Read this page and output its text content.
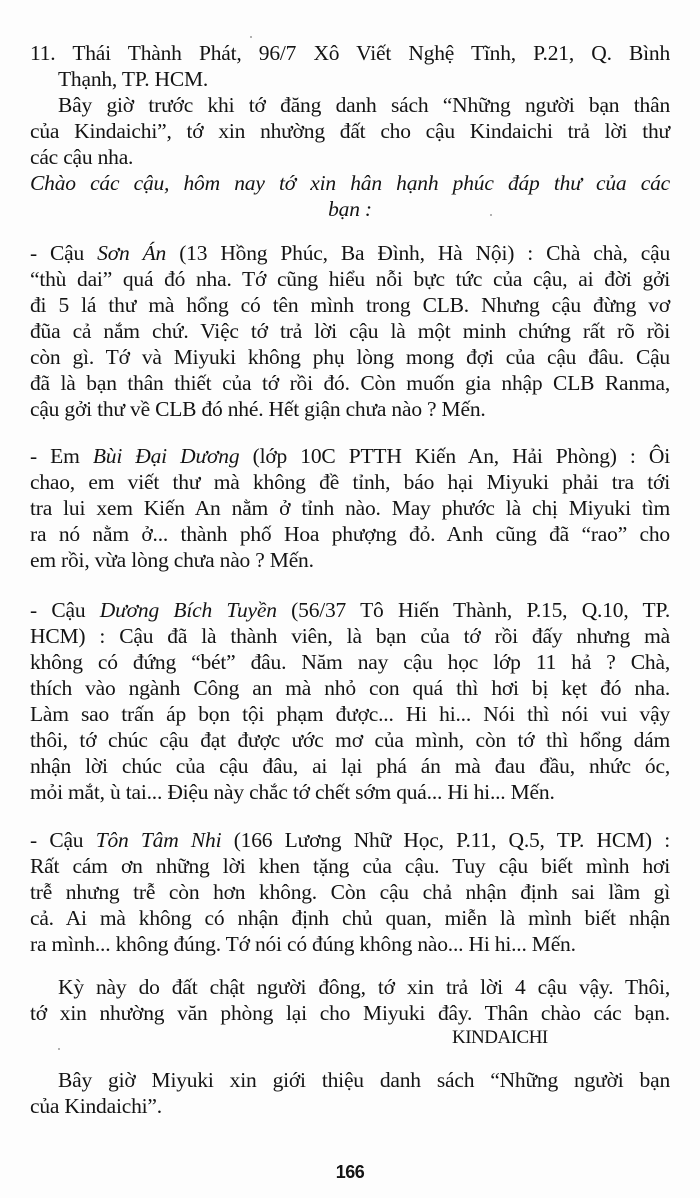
11. Thái Thành Phát, 96/7 Xô Viết Nghệ Tĩnh, P.21, Q. Bình
Thạnh, TP. HCM.
Bây giờ trước khi tớ đăng danh sách “Những người bạn thân
của Kindaichi”, tớ xin nhường đất cho cậu Kindaichi trả lời thư
các cậu nha.
Chào các cậu, hôm nay tớ xin hân hạnh phúc đáp thư của các
bạn :
- Cậu Sơn Án (13 Hồng Phúc, Ba Đình, Hà Nội) : Chà chà, cậu
“thù dai” quá đó nha. Tớ cũng hiểu nỗi bực tức của cậu, ai đời gởi
đi 5 lá thư mà hổng có tên mình trong CLB. Nhưng cậu đừng vơ
đũa cả nắm chứ. Việc tớ trả lời cậu là một minh chứng rất rõ rồi
còn gì. Tớ và Miyuki không phụ lòng mong đợi của cậu đâu. Cậu
đã là bạn thân thiết của tớ rồi đó. Còn muốn gia nhập CLB Ranma,
cậu gởi thư về CLB đó nhé. Hết giận chưa nào ? Mến.
- Em Bùi Đại Dương (lớp 10C PTTH Kiến An, Hải Phòng) : Ôi
chao, em viết thư mà không đề tỉnh, báo hại Miyuki phải tra tới
tra lui xem Kiến An nằm ở tỉnh nào. May phước là chị Miyuki tìm
ra nó nằm ở... thành phố Hoa phượng đỏ. Anh cũng đã “rao” cho
em rồi, vừa lòng chưa nào ? Mến.
- Cậu Dương Bích Tuyền (56/37 Tô Hiến Thành, P.15, Q.10, TP.
HCM) : Cậu đã là thành viên, là bạn của tớ rồi đấy nhưng mà
không có đứng “bét” đâu. Năm nay cậu học lớp 11 hả ? Chà,
thích vào ngành Công an mà nhỏ con quá thì hơi bị kẹt đó nha.
Làm sao trấn áp bọn tội phạm được... Hi hi... Nói thì nói vui vậy
thôi, tớ chúc cậu đạt được ước mơ của mình, còn tớ thì hổng dám
nhận lời chúc của cậu đâu, ai lại phá án mà đau đầu, nhức óc,
mỏi mắt, ù tai... Điệu này chắc tớ chết sớm quá... Hi hi... Mến.
- Cậu Tôn Tâm Nhi (166 Lương Nhữ Học, P.11, Q.5, TP. HCM) :
Rất cám ơn những lời khen tặng của cậu. Tuy cậu biết mình hơi
trễ nhưng trễ còn hơn không. Còn cậu chả nhận định sai lầm gì
cả. Ai mà không có nhận định chủ quan, miễn là mình biết nhận
ra mình... không đúng. Tớ nói có đúng không nào... Hi hi... Mến.
Kỳ này do đất chật người đông, tớ xin trả lời 4 cậu vậy. Thôi,
tớ xin nhường văn phòng lại cho Miyuki đây. Thân chào các bạn.
KINDAICHI
Bây giờ Miyuki xin giới thiệu danh sách “Những người bạn
của Kindaichi”.
166
